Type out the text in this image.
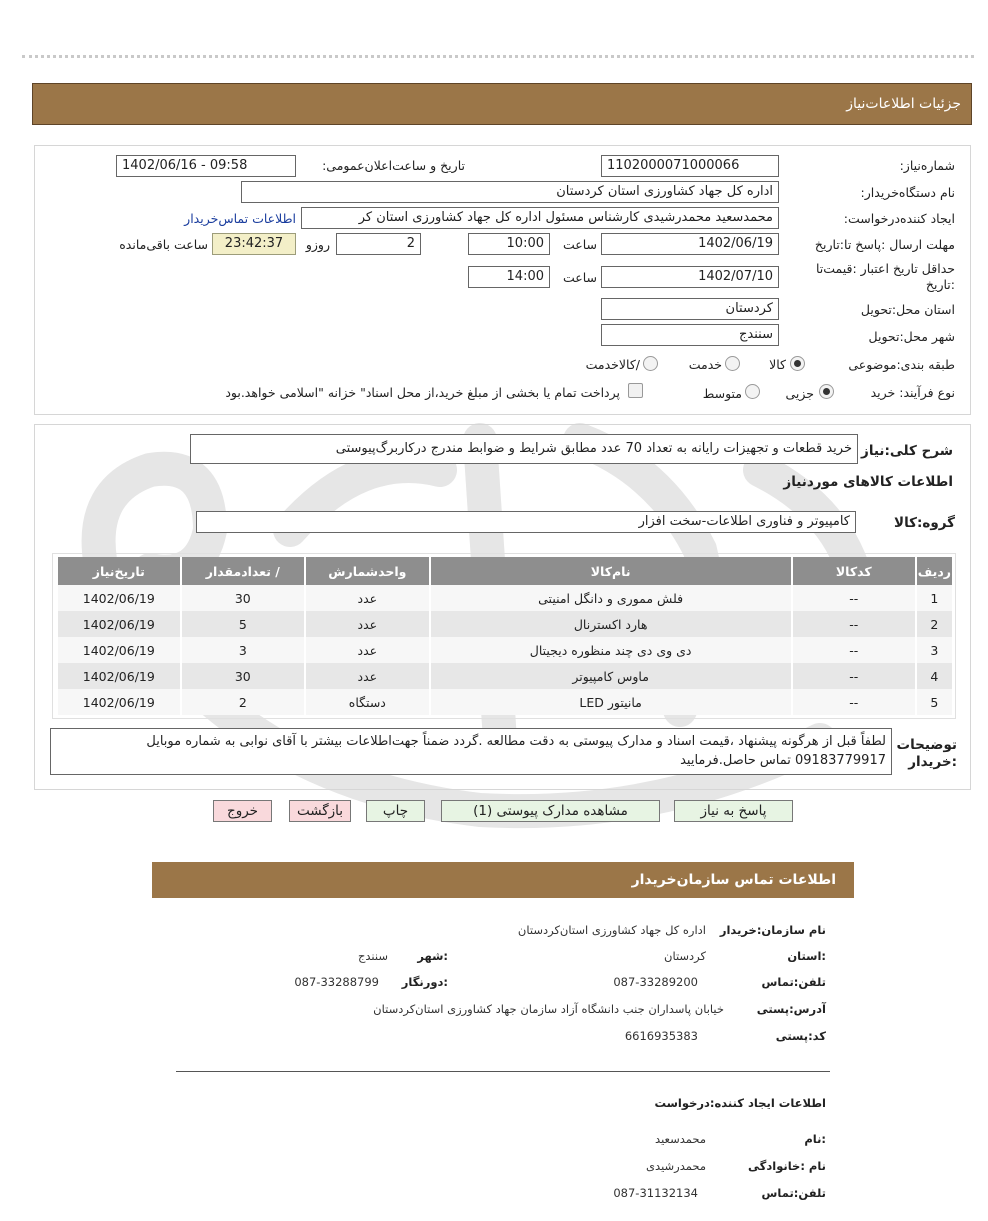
جزئیات اطلاعات‌نیاز
شماره‌نیاز:
1102000071000066
تاریخ و ساعت‌اعلان‌عمومی:
1402/06/16 - 09:58
نام دستگاه‌خریدار:
اداره کل جهاد کشاورزی استان کردستان
ایجاد کننده‌درخواست:
محمدسعید محمدرشیدی کارشناس مسئول اداره کل جهاد کشاورزی استان کر
اطلاعات تماس‌خریدار
مهلت ارسال :پاسخ تا:تاریخ
1402/06/19
ساعت
10:00
2
روزو
23:42:37
ساعت باقی‌مانده
حداقل تاریخ اعتبار :قیمت‌تا :تاریخ
1402/07/10
ساعت
14:00
استان محل:تحویل
کردستان
شهر محل:تحویل
سنندج
طبقه بندی:موضوعی
کالا
خدمت
/کالاخدمت
نوع فرآیند: خرید
جزیی
متوسط
پرداخت تمام یا بخشی از مبلغ خرید،از محل اسناد" خزانه "اسلامی خواهد.بود
شرح کلی:نیاز
خرید قطعات و تجهیزات رایانه به تعداد 70 عدد مطابق شرایط و ضوابط مندرج درکاربرگ‌پیوستی
اطلاعات کالاهای موردنیاز
گروه:کالا
کامپیوتر و فناوری اطلاعات-سخت افزار
ردیف	کدکالا	نام‌کالا	واحدشمارش	/ تعدادمقدار	تاریخ‌نیاز
1	--	فلش مموری و دانگل امنیتی	عدد	30	1402/06/19
2	--	هارد اکسترنال	عدد	5	1402/06/19
3	--	دی وی دی چند منظوره دیجیتال	عدد	3	1402/06/19
4	--	ماوس کامپیوتر	عدد	30	1402/06/19
5	--	مانیتور LED	دستگاه	2	1402/06/19
توضیحات :خریدار
لطفاً قبل از هرگونه پیشنهاد ،قیمت اسناد و مدارک پیوستی به دقت مطالعه .گردد ضمناً جهت‌اطلاعات بیشتر با آقای نوابی به شماره موبایل
09183779917 تماس حاصل.فرمایید
پاسخ به نیاز
مشاهده مدارک پیوستی (1)
چاپ
بازگشت
خروج
اطلاعات تماس سازمان‌خریدار
نام سازمان:خریدار
اداره کل جهاد کشاورزی استان‌کردستان
:استان
کردستان
:شهر
سنندج
تلفن:تماس
087-33289200
:دورنگار
087-33288799
آدرس:پستی
خیابان پاسداران جنب دانشگاه آزاد سازمان جهاد کشاورزی استان‌کردستان
کد:پستی
6616935383
اطلاعات ایجاد کننده:درخواست
:نام
محمدسعید
نام :خانوادگی
محمدرشیدی
تلفن:تماس
087-31132134
